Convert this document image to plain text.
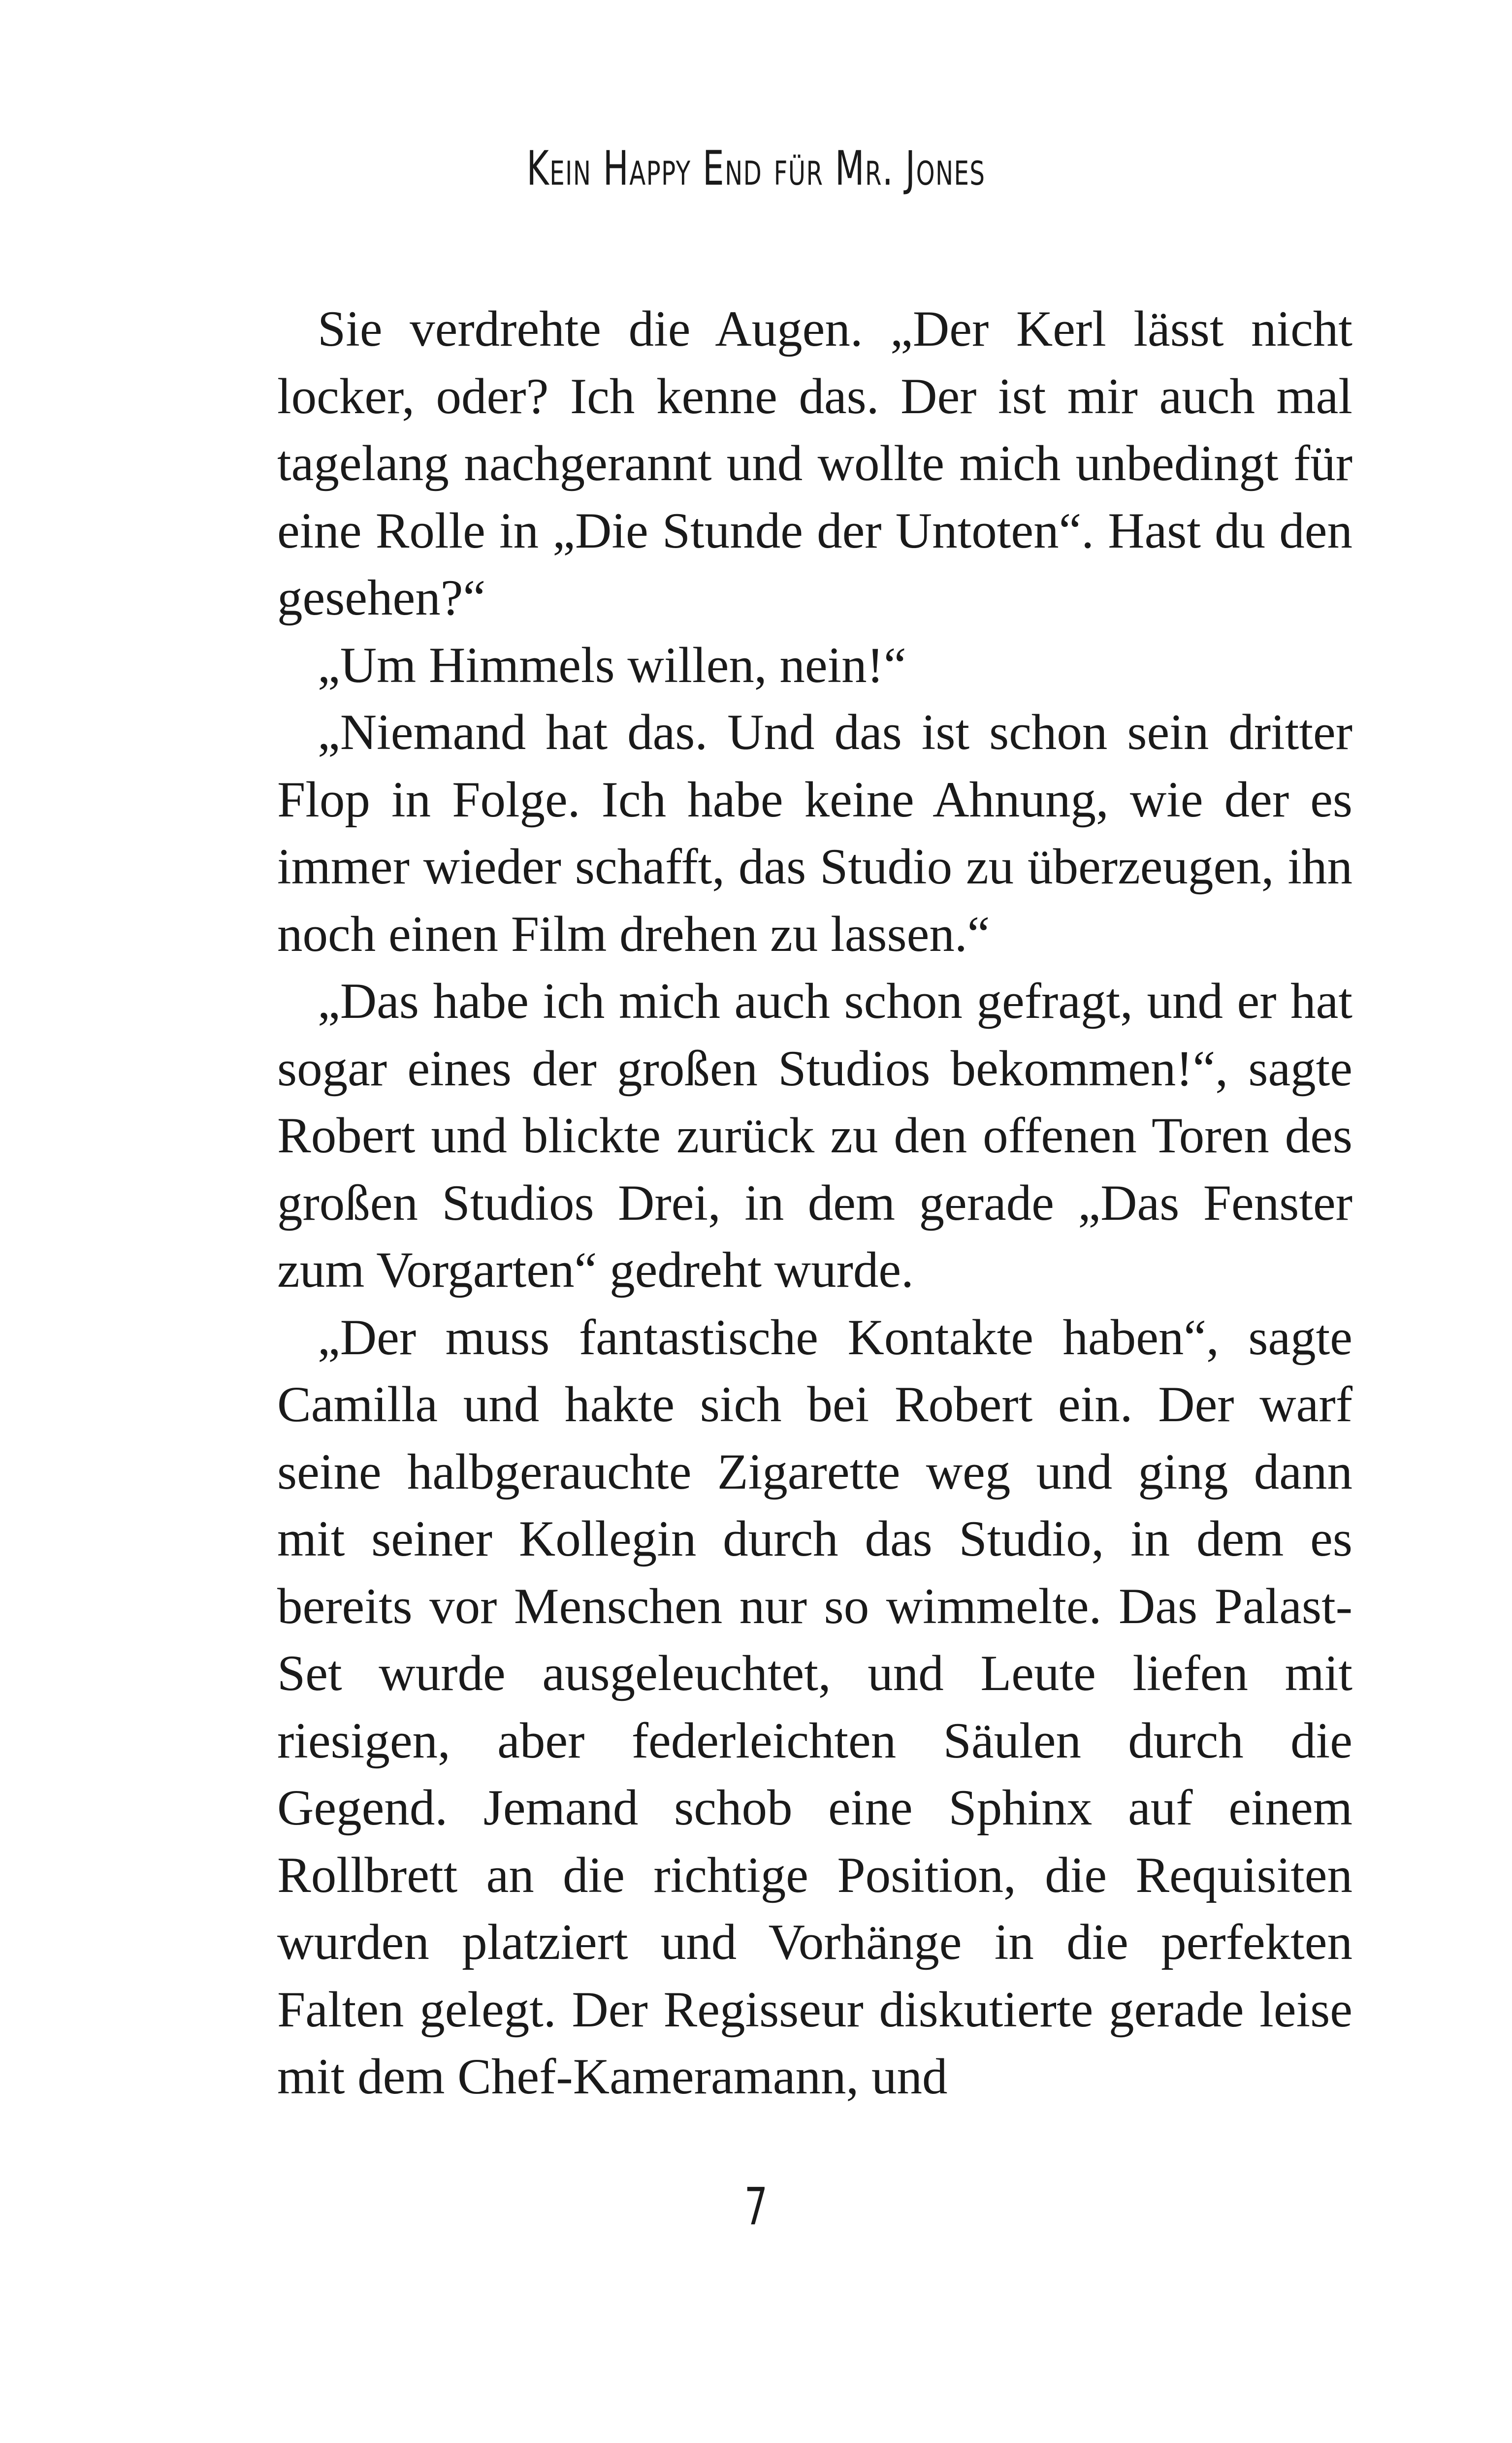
Kein Happy End für Mr. Jones

Sie verdrehte die Augen. „Der Kerl lässt nicht locker, oder? Ich kenne das. Der ist mir auch mal tagelang nachgerannt und wollte mich unbedingt für eine Rolle in „Die Stunde der Untoten“. Hast du den gesehen?“

„Um Himmels willen, nein!“

„Niemand hat das. Und das ist schon sein dritter Flop in Folge. Ich habe keine Ahnung, wie der es immer wieder schafft, das Studio zu überzeugen, ihn noch einen Film drehen zu lassen.“

„Das habe ich mich auch schon gefragt, und er hat sogar eines der großen Studios bekommen!“, sagte Robert und blickte zurück zu den offenen Toren des großen Studios Drei, in dem gerade „Das Fenster zum Vorgarten“ gedreht wurde.

„Der muss fantastische Kontakte haben“, sagte Camilla und hakte sich bei Robert ein. Der warf seine halbgerauchte Zigarette weg und ging dann mit seiner Kollegin durch das Studio, in dem es bereits vor Menschen nur so wimmelte. Das Palast-Set wurde ausgeleuchtet, und Leute liefen mit riesigen, aber federleichten Säulen durch die Gegend. Jemand schob eine Sphinx auf einem Rollbrett an die richtige Position, die Requisiten wurden platziert und Vorhänge in die perfekten Falten gelegt. Der Regisseur diskutierte gerade leise mit dem Chef-Kameramann, und

7
